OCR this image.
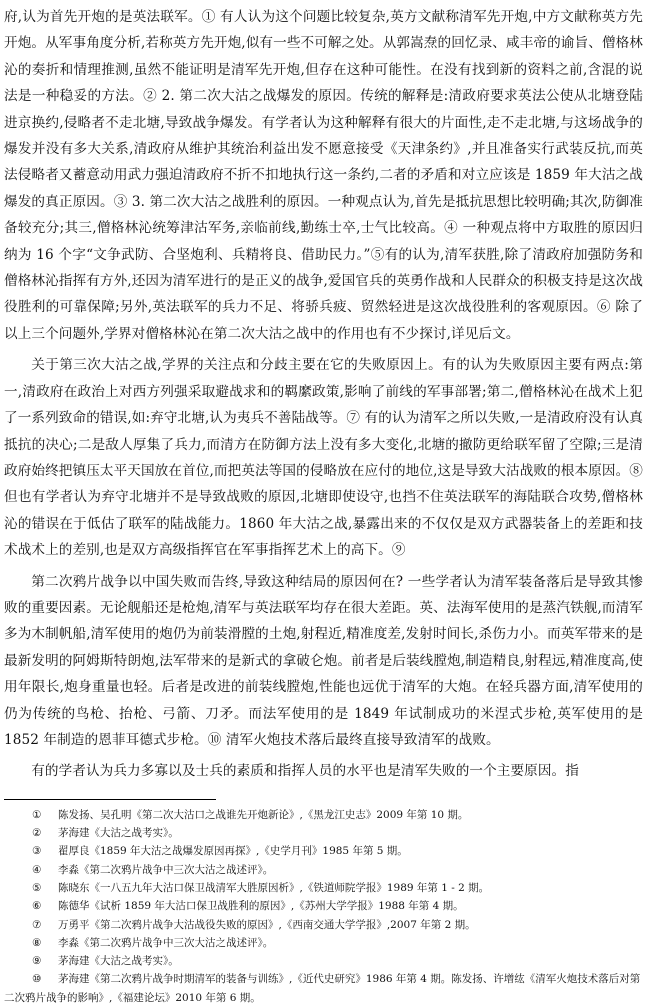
府,认为首先开炮的是英法联军。① 有人认为这个问题比较复杂,英方文献称清军先开炮,中方文献称英方先开炮。从军事角度分析,若称英方先开炮,似有一些不可解之处。从郭嵩焘的回忆录、咸丰帝的谕旨、僧格林沁的奏折和情理推测,虽然不能证明是清军先开炮,但存在这种可能性。在没有找到新的资料之前,含混的说法是一种稳妥的方法。② 2. 第二次大沽之战爆发的原因。传统的解释是:清政府要求英法公使从北塘登陆进京换约,侵略者不走北塘,导致战争爆发。有学者认为这种解释有很大的片面性,走不走北塘,与这场战争的爆发并没有多大关系,清政府从维护其统治利益出发不愿意接受《天津条约》,并且准备实行武装反抗,而英法侵略者又蓄意动用武力强迫清政府不折不扣地执行这一条约,二者的矛盾和对立应该是 1859 年大沽之战爆发的真正原因。③ 3. 第二次大沽之战胜利的原因。一种观点认为,首先是抵抗思想比较明确;其次,防御准备较充分;其三,僧格林沁统筹津沽军务,亲临前线,勤练士卒,士气比较高。④ 一种观点将中方取胜的原因归纳为 16 个字“文争武防、合坚炮利、兵精将良、借助民力。”⑤有的认为,清军获胜,除了清政府加强防务和僧格林沁指挥有方外,还因为清军进行的是正义的战争,爱国官兵的英勇作战和人民群众的积极支持是这次战役胜利的可靠保障;另外,英法联军的兵力不足、将骄兵疲、贸然轻进是这次战役胜利的客观原因。⑥ 除了以上三个问题外,学界对僧格林沁在第二次大沽之战中的作用也有不少探讨,详见后文。

关于第三次大沽之战,学界的关注点和分歧主要在它的失败原因上。有的认为失败原因主要有两点:第一,清政府在政治上对西方列强采取避战求和的羁縻政策,影响了前线的军事部署;第二,僧格林沁在战术上犯了一系列致命的错误,如:弃守北塘,认为夷兵不善陆战等。⑦ 有的认为清军之所以失败,一是清政府没有认真抵抗的决心;二是敌人厚集了兵力,而清方在防御方法上没有多大变化,北塘的撤防更给联军留了空隙;三是清政府始终把镇压太平天国放在首位,而把英法等国的侵略放在应付的地位,这是导致大沽战败的根本原因。⑧ 但也有学者认为弃守北塘并不是导致战败的原因,北塘即使设守,也挡不住英法联军的海陆联合攻势,僧格林沁的错误在于低估了联军的陆战能力。1860 年大沽之战,暴露出来的不仅仅是双方武器装备上的差距和技术战术上的差别,也是双方高级指挥官在军事指挥艺术上的高下。⑨

第二次鸦片战争以中国失败而告终,导致这种结局的原因何在? 一些学者认为清军装备落后是导致其惨败的重要因素。无论舰船还是枪炮,清军与英法联军均存在很大差距。英、法海军使用的是蒸汽铁舰,而清军多为木制帆船,清军使用的炮仍为前装滑膛的土炮,射程近,精准度差,发射时间长,杀伤力小。而英军带来的是最新发明的阿姆斯特朗炮,法军带来的是新式的拿破仑炮。前者是后装线膛炮,制造精良,射程远,精准度高,使用年限长,炮身重量也轻。后者是改进的前装线膛炮,性能也远优于清军的大炮。在轻兵器方面,清军使用的仍为传统的鸟枪、抬枪、弓箭、刀矛。而法军使用的是 1849 年试制成功的米涅式步枪,英军使用的是 1852 年制造的恩菲耳德式步枪。⑩ 清军火炮技术落后最终直接导致清军的战败。

有的学者认为兵力多寡以及士兵的素质和指挥人员的水平也是清军失败的一个主要原因。指

①	陈发扬、吴孔明《第二次大沽口之战谁先开炮新论》,《黑龙江史志》2009 年第 10 期。
②	茅海建《大沽之战考实》。
③	翟厚良《1859 年大沽之战爆发原因再探》,《史学月刊》1985 年第 5 期。
④	李淼《第二次鸦片战争中三次大沽之战述评》。
⑤	陈晓东《一八五九年大沽口保卫战清军大胜原因析》,《铁道师院学报》1989 年第 1 - 2 期。
⑥	陈德华《试析 1859 年大沽口保卫战胜利的原因》,《苏州大学学报》1988 年第 4 期。
⑦	万勇平《第二次鸦片战争大沽战役失败的原因》,《西南交通大学学报》,2007 年第 2 期。
⑧	李淼《第二次鸦片战争中三次大沽之战述评》。
⑨	茅海建《大沽之战考实》。
⑩ 茅海建《第二次鸦片战争时期清军的装备与训练》,《近代史研究》1986 年第 4 期。陈发扬、许增纮《清军火炮技术落后对第二次鸦片战争的影响》,《福建论坛》2010 年第 6 期。
